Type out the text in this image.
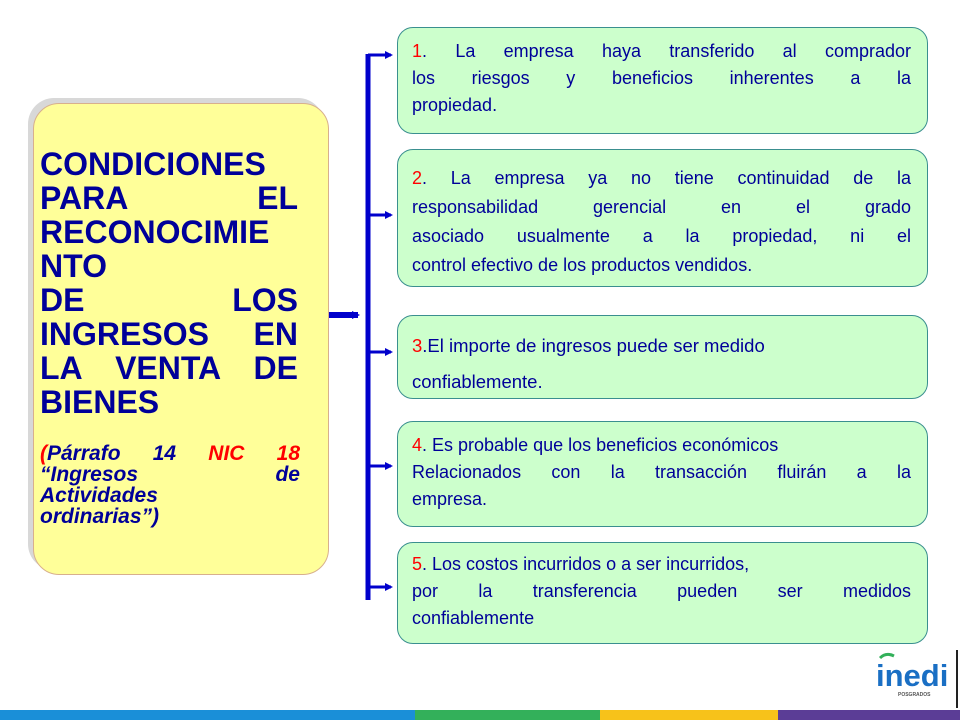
CONDICIONES
PARA EL
RECONOCIMIE
NTO
DE LOS
INGRESOS EN
LA VENTA DE
BIENES
(Párrafo 14 NIC 18
“Ingresos	de
Actividades
ordinarias”)
1. La empresa haya transferido al comprador
los riesgos y beneficios inherentes a la
propiedad.
2. La empresa ya no tiene continuidad de la
responsabilidad gerencial en el grado
asociado usualmente a la propiedad, ni el
control efectivo de los productos vendidos.
3.El importe de ingresos puede ser medido
confiablemente.
4. Es probable que los beneficios económicos
Relacionados con la transacción fluirán a la
empresa.
5. Los costos incurridos o a ser incurridos,
por la transferencia pueden ser medidos
confiablemente
inedi
POSGRADOS
